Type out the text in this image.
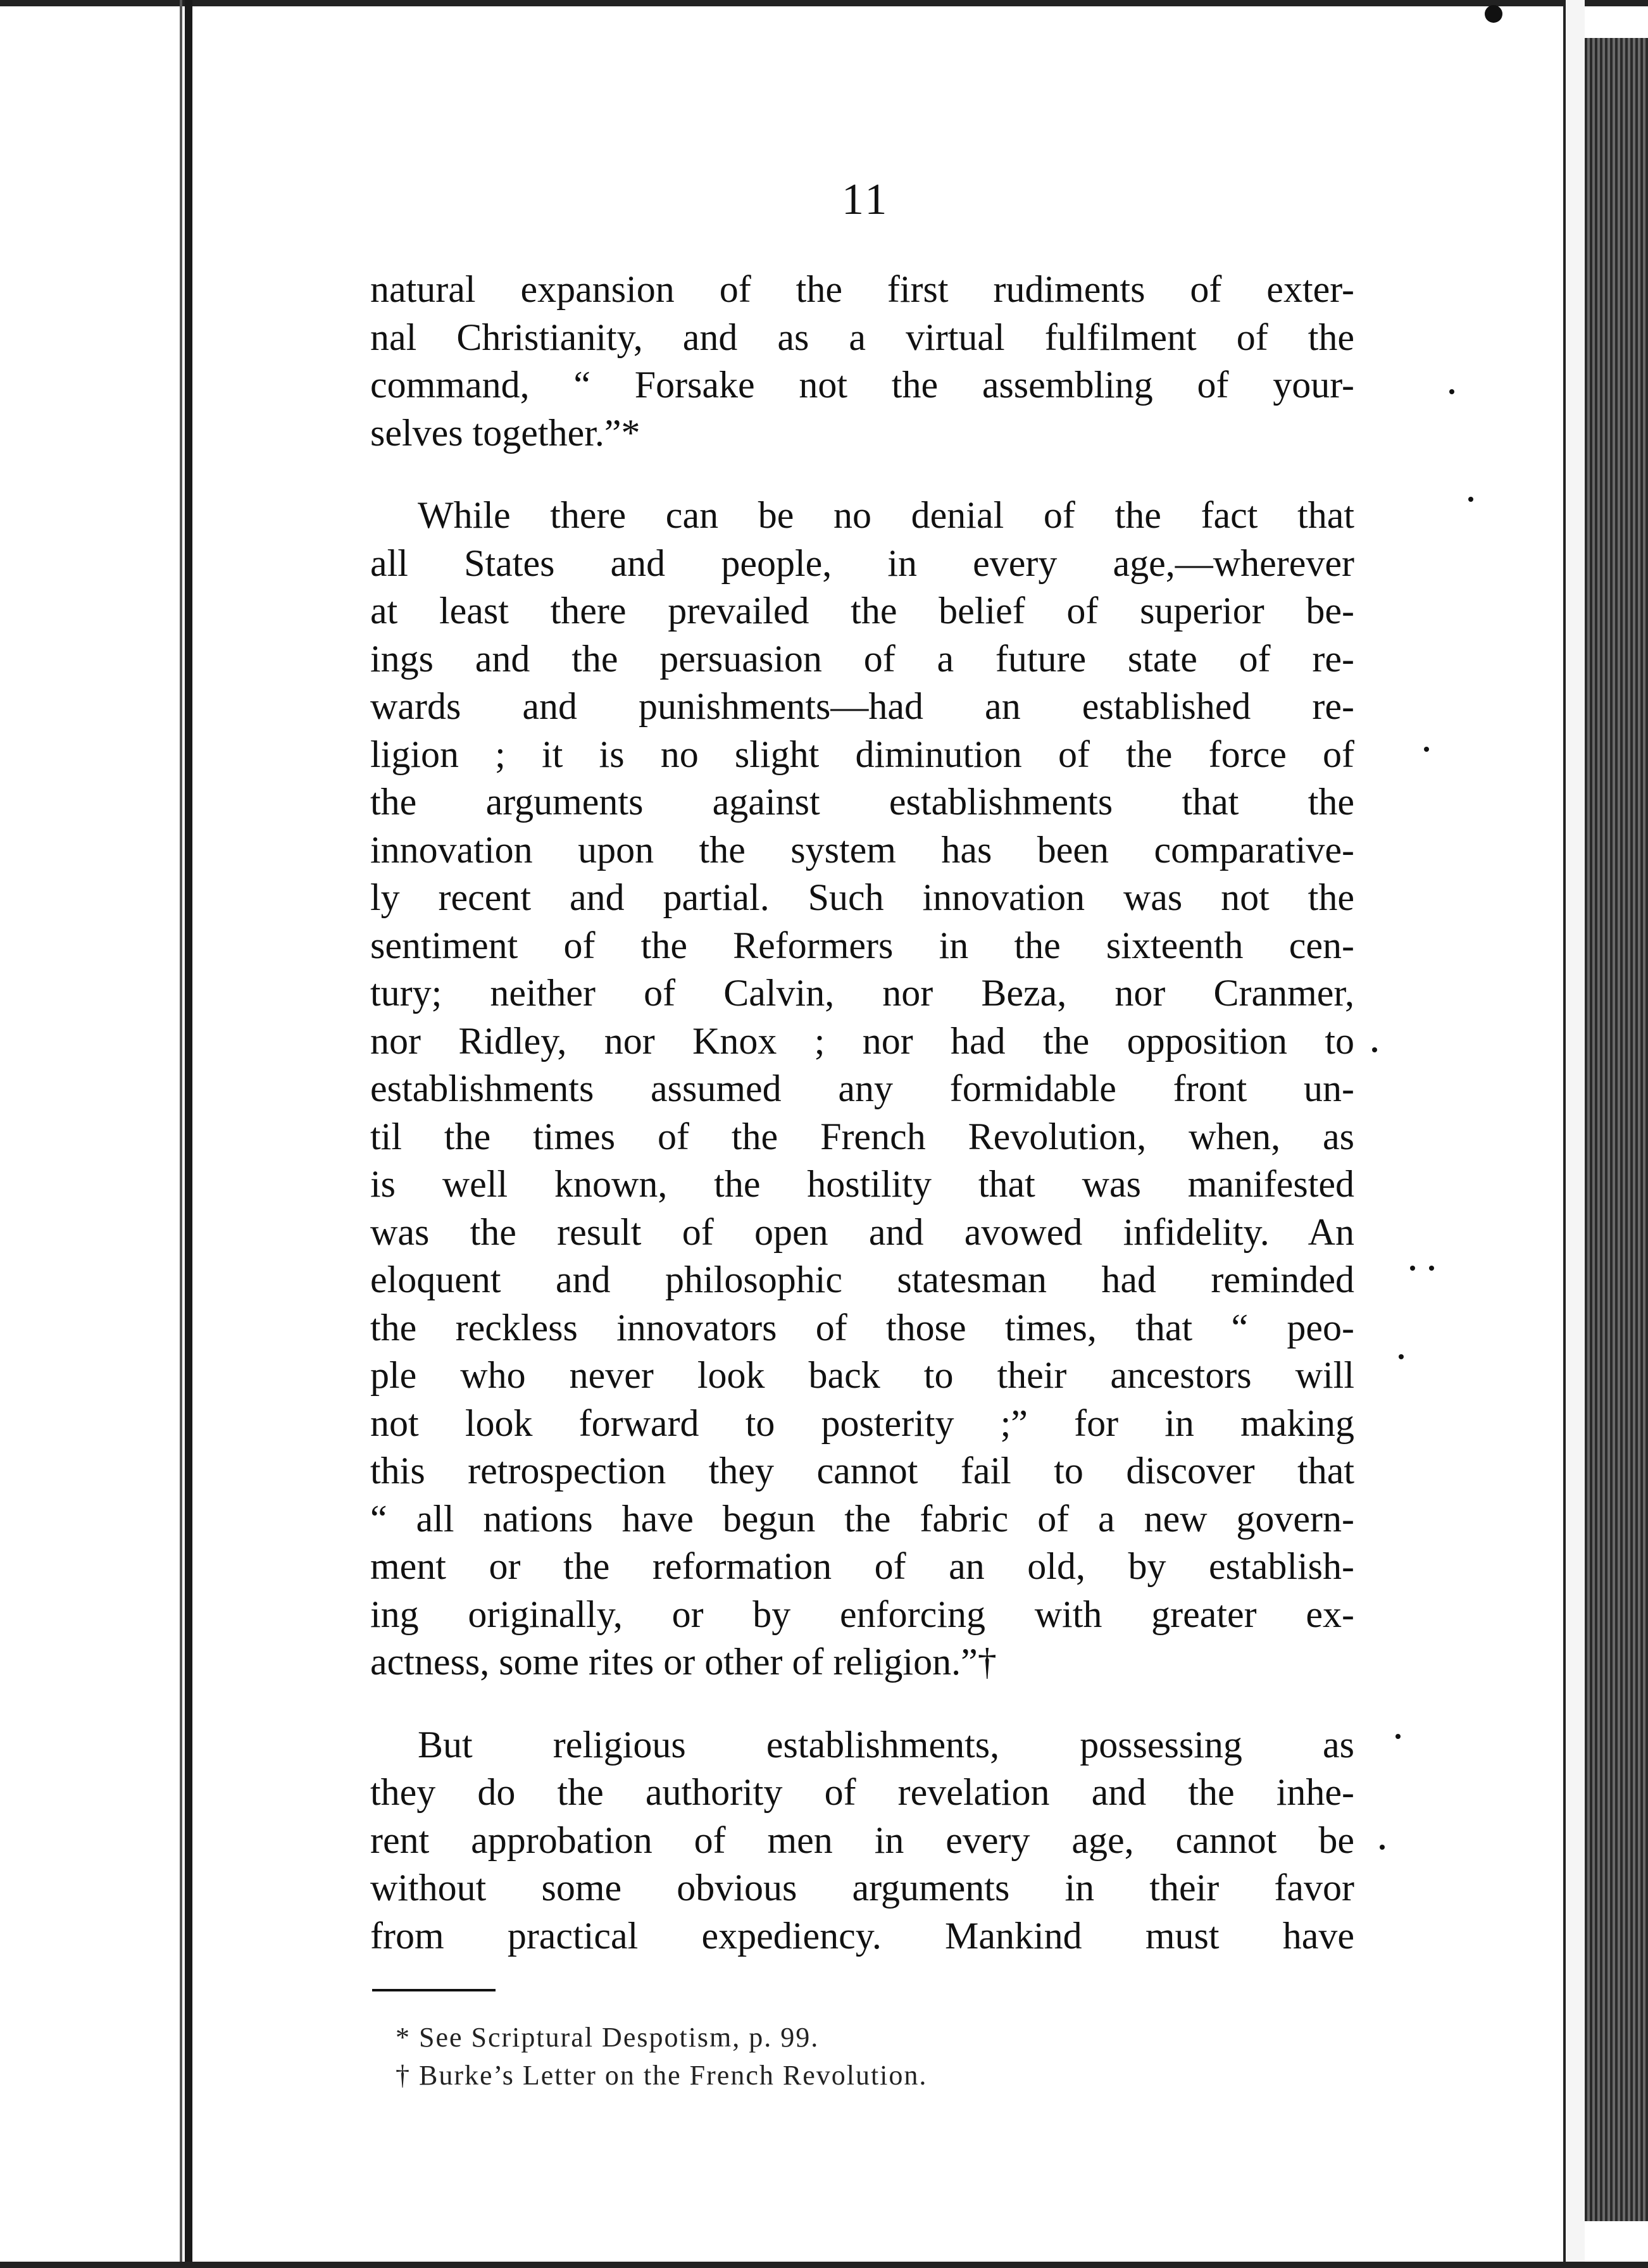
11
natural expansion of the first rudiments of exter-
nal Christianity, and as a virtual fulfilment of the
command, “ Forsake not the assembling of your-
selves together.”*
While there can be no denial of the fact that
all States and people, in every age,—wherever
at least there prevailed the belief of superior be-
ings and the persuasion of a future state of re-
wards and punishments—had an established re-
ligion ; it is no slight diminution of the force of
the arguments against establishments that the
innovation upon the system has been comparative-
ly recent and partial. Such innovation was not the
sentiment of the Reformers in the sixteenth cen-
tury; neither of Calvin, nor Beza, nor Cranmer,
nor Ridley, nor Knox ; nor had the opposition to
establishments assumed any formidable front un-
til the times of the French Revolution, when, as
is well known, the hostility that was manifested
was the result of open and avowed infidelity. An
eloquent and philosophic statesman had reminded
the reckless innovators of those times, that “ peo-
ple who never look back to their ancestors will
not look forward to posterity ;” for in making
this retrospection they cannot fail to discover that
“ all nations have begun the fabric of a new govern-
ment or the reformation of an old, by establish-
ing originally, or by enforcing with greater ex-
actness, some rites or other of religion.”†
But religious establishments, possessing as
they do the authority of revelation and the inhe-
rent approbation of men in every age, cannot be
without some obvious arguments in their favor
from practical expediency. Mankind must have
* See Scriptural Despotism, p. 99.
† Burke’s Letter on the French Revolution.
